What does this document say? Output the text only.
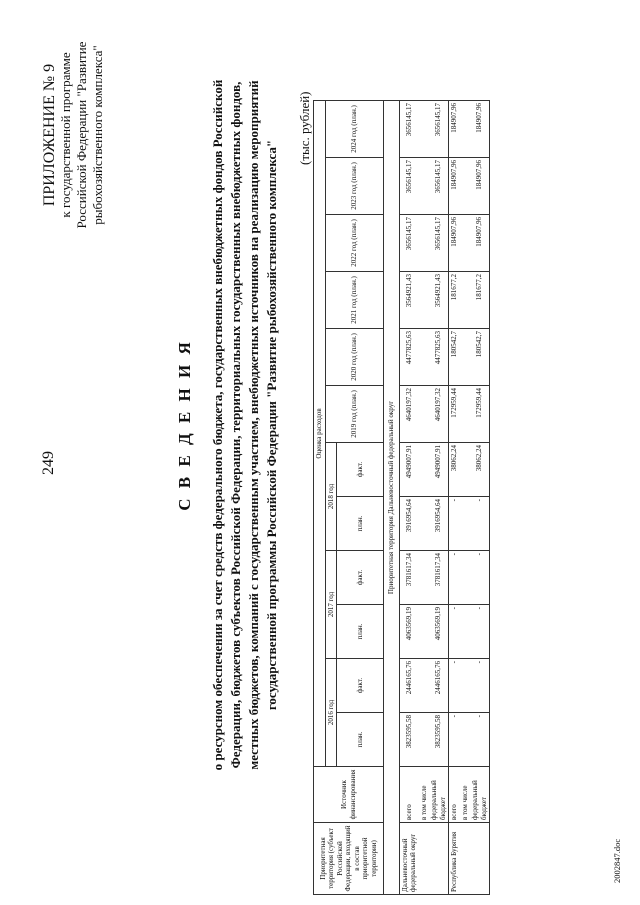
249
ПРИЛОЖЕНИЕ № 9 к государственной программе Российской Федерации "Развитие рыбохозяйственного комплекса"
С В Е Д Е Н И Я о ресурсном обеспечении за счет средств федерального бюджета, государственных внебюджетных фондов Российской Федерации, бюджетов субъектов Российской Федерации, территориальных государственных внебюджетных фондов, местных бюджетов, компаний с государственным участием, внебюджетных источников на реализацию мероприятий государственной программы Российской Федерации "Развитие рыбохозяйственного комплекса"
(тыс. рублей)
Приоритетная территория (субъект Российской Федерации, входящий в состав приоритетной территории)	Источник финансирования	Оценка расходов											
		2016 год		2017 год		2018 год		2019 год (план.)	2020 год (план.)	2021 год (план.)	2022 год (план.)	2023 год (план.)	2024 год (план.)
		план.	факт.	план.	факт.	план.	факт.						
Приоритетная территория Дальневосточный федеральный округ													
Дальневосточный федеральный округ	всего	3823595,58	2446165,76	4063569,19	3781617,34	3916954,64	4949007,91	4640197,32	4477825,63	3564921,43	3656145,17	3656145,17	3656145,17
	в том числе												
	федеральный бюджет	3823595,58	2446165,76	4063569,19	3781617,34	3916954,64	4949007,91	4640197,32	4477825,63	3564921,43	3656145,17	3656145,17	3656145,17
Республика Бурятия	всего	-	-	-	-	-	38062,24	172959,44	180542,7	181677,2	184907,96	184907,96	184907,96
	в том числе												
	федеральный бюджет	-	-	-	-	-	38062,24	172959,44	180542,7	181677,2	184907,96	184907,96	184907,96
2002847.doc
